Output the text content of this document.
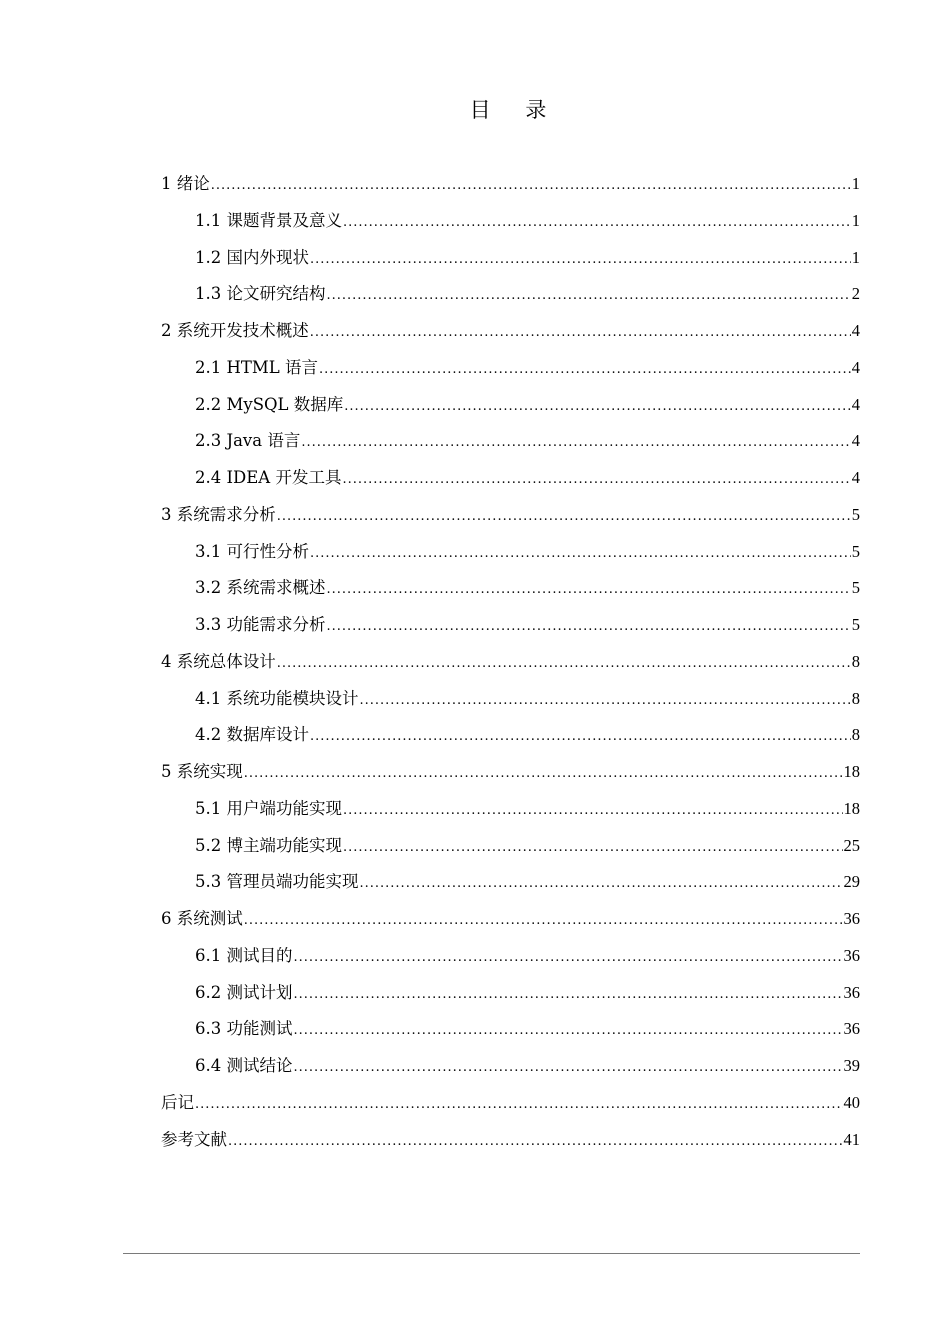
目 录
1 绪论 .....	1
1.1 课题背景及意义 .....	1
1.2 国内外现状 .....	1
1.3 论文研究结构 .....	2
2 系统开发技术概述 .....	4
2.1 HTML 语言 .....	4
2.2 MySQL 数据库 .....	4
2.3 Java 语言 .....	4
2.4 IDEA 开发工具 .....	4
3 系统需求分析 .....	5
3.1 可行性分析 .....	5
3.2 系统需求概述 .....	5
3.3 功能需求分析 .....	5
4 系统总体设计 .....	8
4.1 系统功能模块设计 .....	8
4.2 数据库设计 .....	8
5 系统实现 .....	18
5.1 用户端功能实现 .....	18
5.2 博主端功能实现 .....	25
5.3 管理员端功能实现 .....	29
6 系统测试 .....	36
6.1 测试目的 .....	36
6.2 测试计划 .....	36
6.3 功能测试 .....	36
6.4 测试结论 .....	39
后记 .....	40
参考文献 .....	41
